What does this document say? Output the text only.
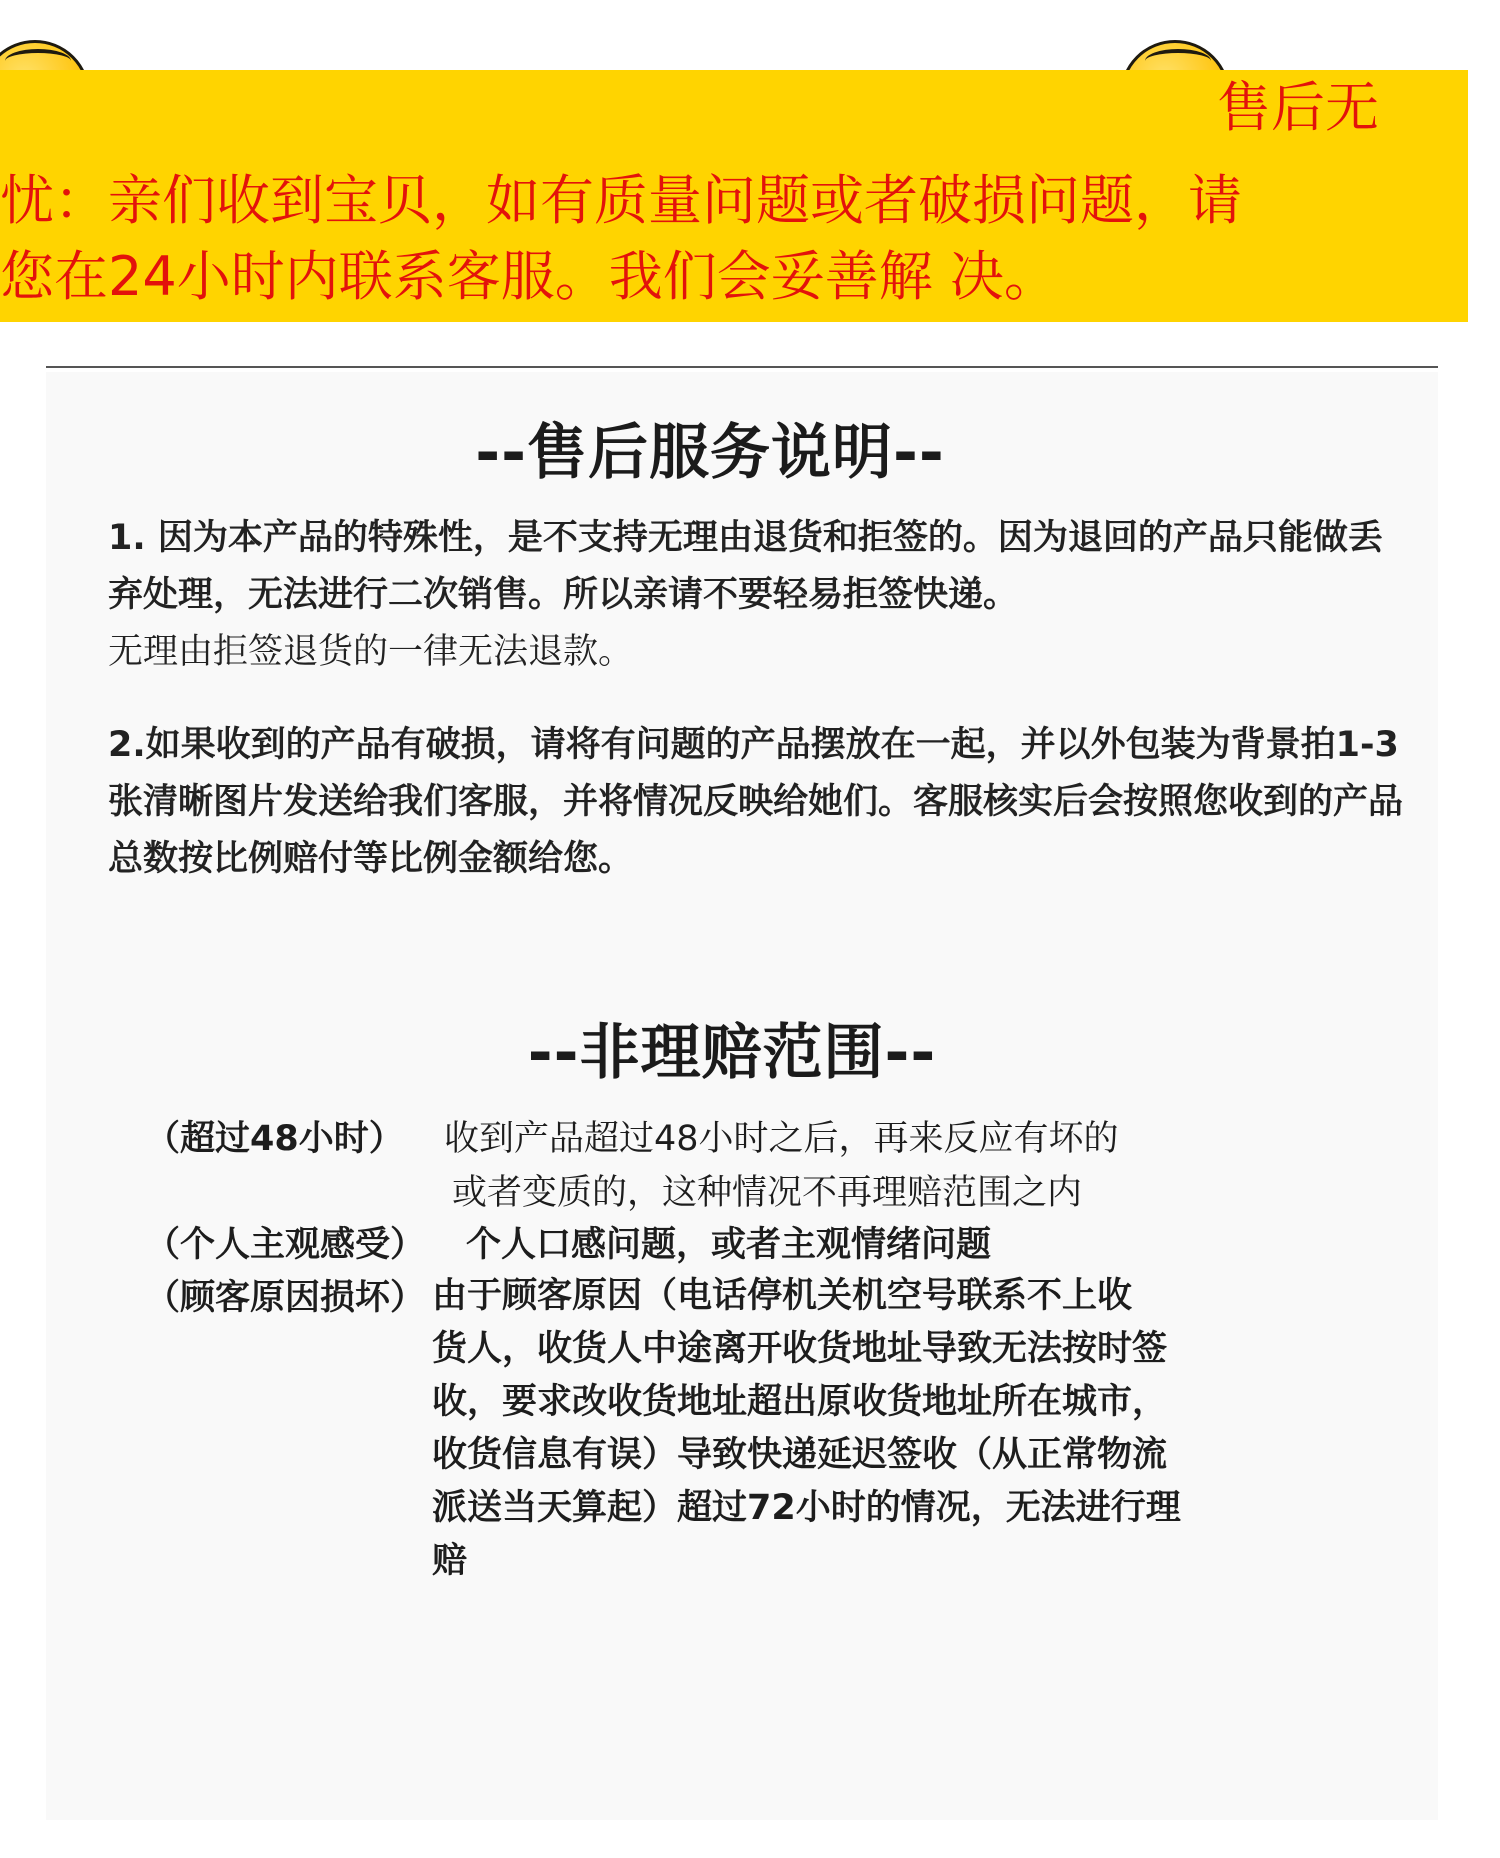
售后无
忧：亲们收到宝贝，如有质量问题或者破损问题，请
您在24小时内联系客服。我们会妥善解 决。
--售后服务说明--
1. 因为本产品的特殊性，是不支持无理由退货和拒签的。因为退回的产品只能做丢弃处理，无法进行二次销售。所以亲请不要轻易拒签快递。
无理由拒签退货的一律无法退款。
2.如果收到的产品有破损，请将有问题的产品摆放在一起，并以外包装为背景拍1-3张清晰图片发送给我们客服，并将情况反映给她们。客服核实后会按照您收到的产品总数按比例赔付等比例金额给您。
--非理赔范围--
（超过48小时） 收到产品超过48小时之后，再来反应有坏的
或者变质的，这种情况不再理赔范围之内
（个人主观感受） 个人口感问题，或者主观情绪问题
（顾客原因损坏） 由于顾客原因（电话停机关机空号联系不上收
货人，收货人中途离开收货地址导致无法按时签
收，要求改收货地址超出原收货地址所在城市，
收货信息有误）导致快递延迟签收（从正常物流
派送当天算起）超过72小时的情况，无法进行理
赔
